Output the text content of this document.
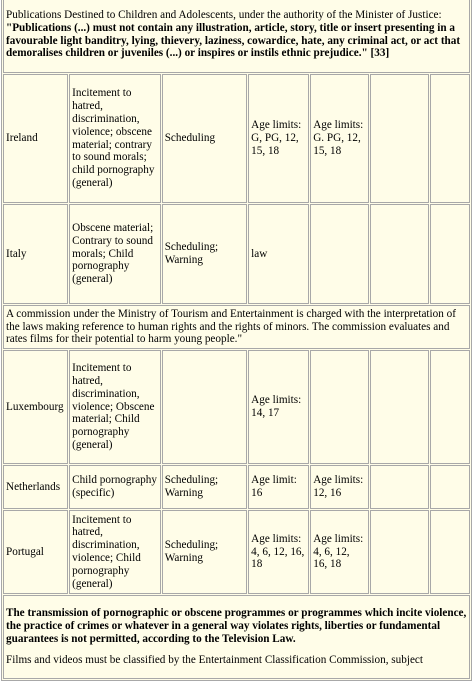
Publications Destined to Children and Adolescents, under the authority of the Minister of Justice: "Publications (...) must not contain any illustration, article, story, title or insert presenting in a favourable light banditry, lying, thievery, laziness, cowardice, hate, any criminal act, or act that demoralises children or juveniles (...) or inspires or instils ethnic prejudice." [33]						
Ireland	Incitement to hatred, discrimination, violence; obscene material; contrary to sound morals; child pornography (general)	Scheduling	Age limits: G, PG, 12, 15, 18	Age limits: G. PG, 12, 15, 18		
Italy	Obscene material; Contrary to sound morals; Child pornography (general)	Scheduling; Warning	law			
A commission under the Ministry of Tourism and Entertainment is charged with the interpretation of the laws making reference to human rights and the rights of minors. The commission evaluates and rates films for their potential to harm young people."						
Luxembourg	Incitement to hatred, discrimination, violence; Obscene material; Child pornography (general)		Age limits: 14, 17			
Netherlands	Child pornography (specific)	Scheduling; Warning	Age limit: 16	Age limits: 12, 16		
Portugal	Incitement to hatred, discrimination, violence; Child pornography (general)	Scheduling; Warning	Age limits: 4, 6, 12, 16, 18	Age limits: 4, 6, 12, 16, 18		

The transmission of pornographic or obscene programmes or programmes which incite violence, the practice of crimes or whatever in a general way violates rights, liberties or fundamental guarantees is not permitted, according to the Television Law.

Films and videos must be classified by the Entertainment Classification Commission, subject						
